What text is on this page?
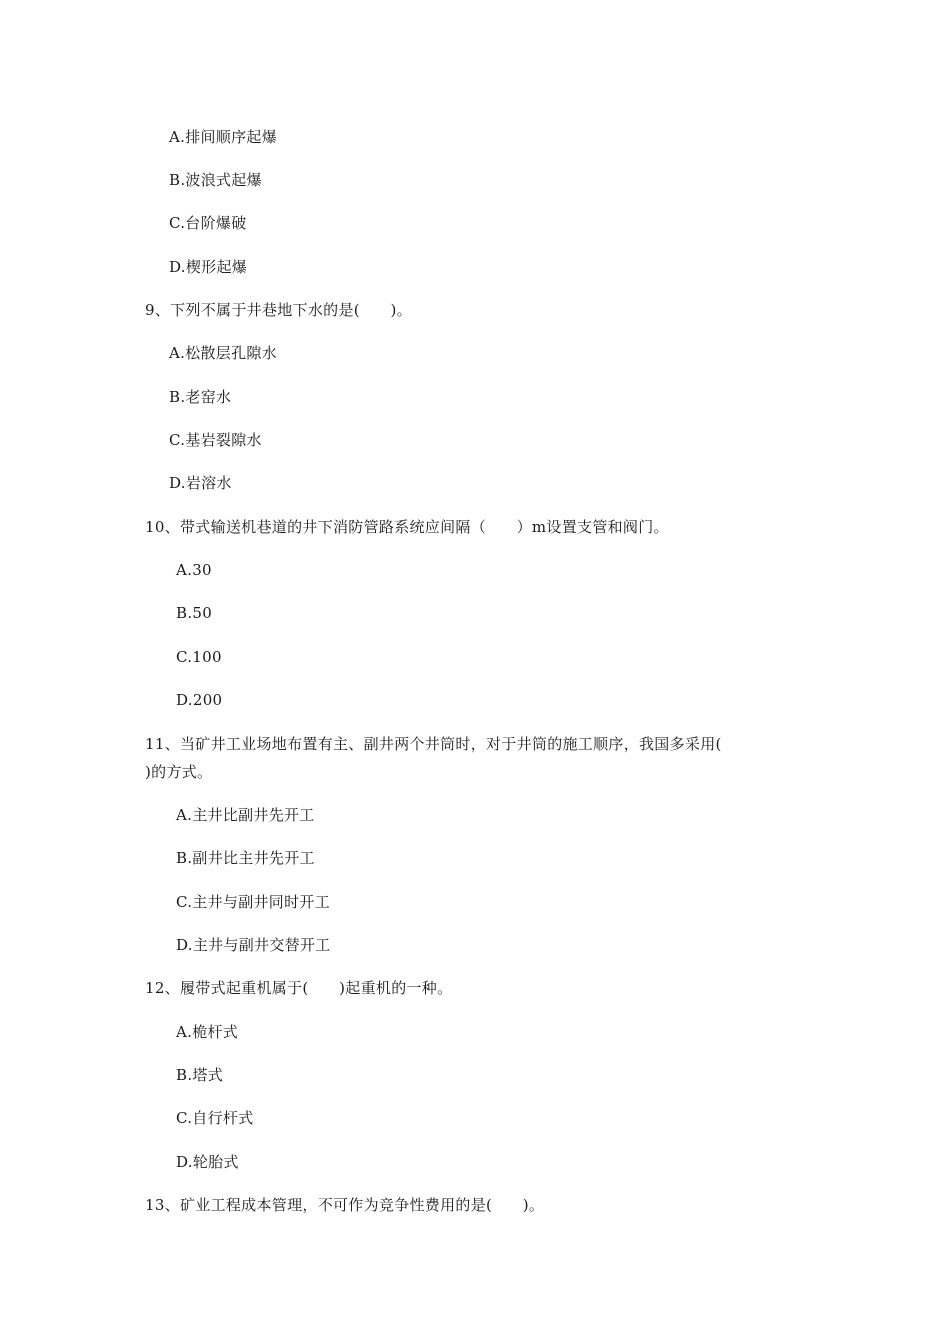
A.排间顺序起爆
B.波浪式起爆
C.台阶爆破
D.楔形起爆
9、下列不属于井巷地下水的是(　　)。
A.松散层孔隙水
B.老窑水
C.基岩裂隙水
D.岩溶水
10、带式输送机巷道的井下消防管路系统应间隔（　　）m设置支管和阀门。
A.30
B.50
C.100
D.200
11、当矿井工业场地布置有主、副井两个井筒时，对于井筒的施工顺序，我国多采用(
)的方式。
A.主井比副井先开工
B.副井比主井先开工
C.主井与副井同时开工
D.主井与副井交替开工
12、履带式起重机属于(　　)起重机的一种。
A.桅杆式
B.塔式
C.自行杆式
D.轮胎式
13、矿业工程成本管理，不可作为竞争性费用的是(　　)。
